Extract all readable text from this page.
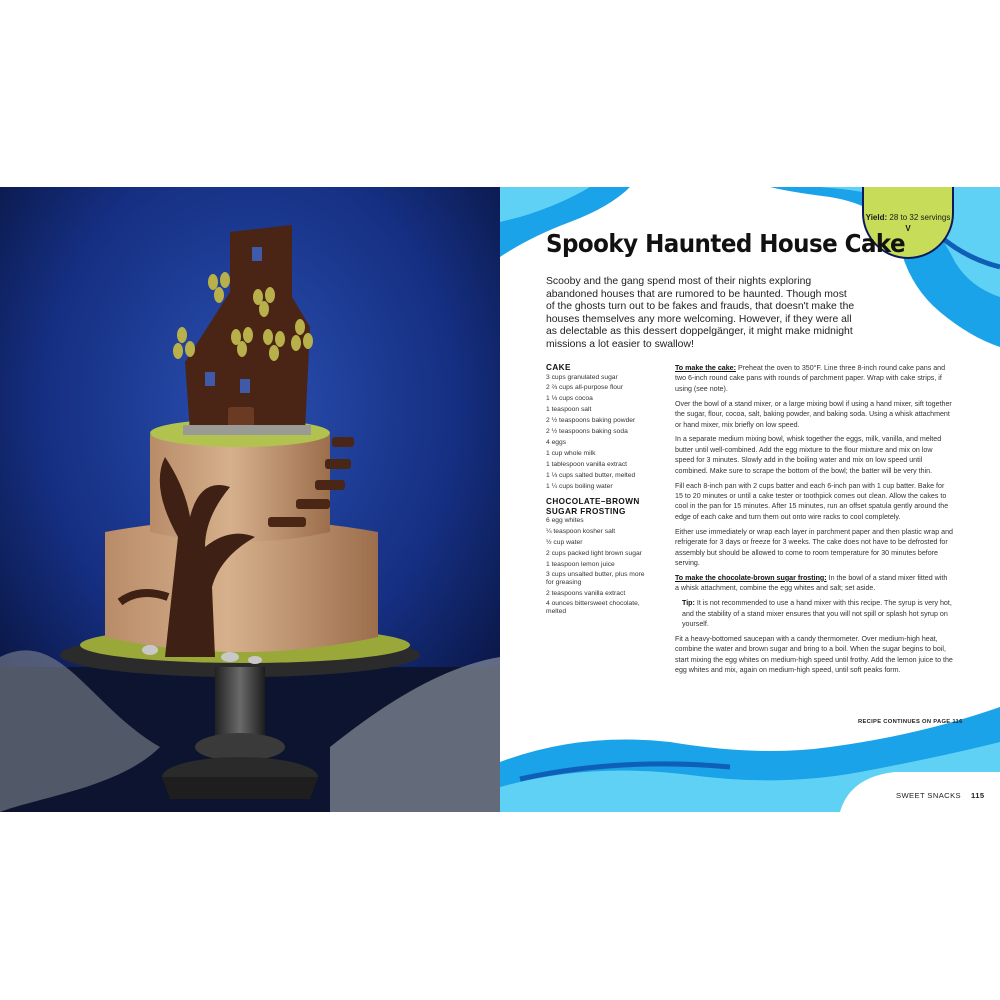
Yield: 28 to 32 servings
V
Spooky Haunted House Cake
Scooby and the gang spend most of their nights exploring abandoned houses that are rumored to be haunted. Though most of the ghosts turn out to be fakes and frauds, that doesn't make the houses themselves any more welcoming. However, if they were all as delectable as this dessert doppelgänger, it might make midnight missions a lot easier to swallow!
CAKE
3 cups granulated sugar
2 ⅔ cups all-purpose flour
1 ⅓ cups cocoa
1 teaspoon salt
2 ½ teaspoons baking powder
2 ½ teaspoons baking soda
4 eggs
1 cup whole milk
1 tablespoon vanilla extract
1 ⅓ cups salted butter, melted
1 ¼ cups boiling water
CHOCOLATE–BROWN SUGAR FROSTING
6 egg whites
¼ teaspoon kosher salt
½ cup water
2 cups packed light brown sugar
1 teaspoon lemon juice
3 cups unsalted butter, plus more for greasing
2 teaspoons vanilla extract
4 ounces bittersweet chocolate, melted

To make the cake: Preheat the oven to 350°F. Line three 8-inch round cake pans and two 6-inch round cake pans with rounds of parchment paper. Wrap with cake strips, if using (see note).

Over the bowl of a stand mixer, or a large mixing bowl if using a hand mixer, sift together the sugar, flour, cocoa, salt, baking powder, and baking soda. Using a whisk attachment or hand mixer, mix briefly on low speed.

In a separate medium mixing bowl, whisk together the eggs, milk, vanilla, and melted butter until well-combined. Add the egg mixture to the flour mixture and mix on low speed for 3 minutes. Slowly add in the boiling water and mix on low speed until combined. Make sure to scrape the bottom of the bowl; the batter will be very thin.

Fill each 8-inch pan with 2 cups batter and each 6-inch pan with 1 cup batter. Bake for 15 to 20 minutes or until a cake tester or toothpick comes out clean. Allow the cakes to cool in the pan for 15 minutes. After 15 minutes, run an offset spatula gently around the edge of each cake and turn them out onto wire racks to cool completely.

Either use immediately or wrap each layer in parchment paper and then plastic wrap and refrigerate for 3 days or freeze for 3 weeks. The cake does not have to be defrosted for assembly but should be allowed to come to room temperature for 30 minutes before serving.

To make the chocolate-brown sugar frosting: In the bowl of a stand mixer fitted with a whisk attachment, combine the egg whites and salt; set aside.

Tip: It is not recommended to use a hand mixer with this recipe. The syrup is very hot, and the stability of a stand mixer ensures that you will not spill or splash hot syrup on yourself.

Fit a heavy-bottomed saucepan with a candy thermometer. Over medium-high heat, combine the water and brown sugar and bring to a boil. When the sugar begins to boil, start mixing the egg whites on medium-high speed until frothy. Add the lemon juice to the egg whites and mix, again on medium-high speed, until soft peaks form.

RECIPE CONTINUES ON PAGE 116
SWEET SNACKS 115
